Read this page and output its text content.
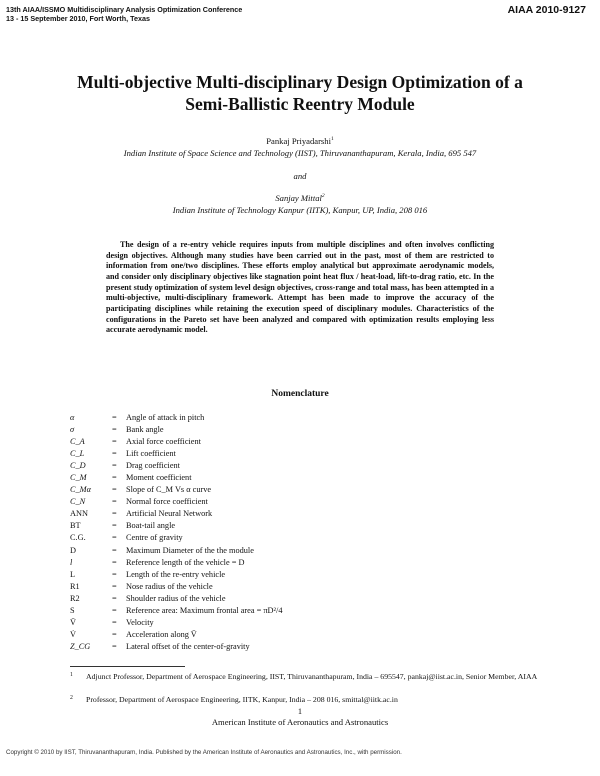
13th AIAA/ISSMO Multidisciplinary Analysis Optimization Conference
13 - 15 September 2010, Fort Worth, Texas
AIAA 2010-9127
Multi-objective Multi-disciplinary Design Optimization of a
Semi-Ballistic Reentry Module
Pankaj Priyadarshi$^1$
Indian Institute of Space Science and Technology (IIST), Thiruvananthapuram, Kerala, India, 695 547
and
Sanjay Mittal$^2$
Indian Institute of Technology Kanpur (IITK), Kanpur, UP, India, 208 016
The design of a re-entry vehicle requires inputs from multiple disciplines and often involves conflicting design objectives. Although many studies have been carried out in the past, most of them are restricted to information from one/two disciplines. These efforts employ analytical but approximate aerodynamic models, and consider only disciplinary objectives like stagnation point heat flux / heat-load, lift-to-drag ratio, etc. In the present study optimization of system level design objectives, cross-range and total mass, has been attempted in a multi-objective, multi-disciplinary framework. Attempt has been made to improve the accuracy of the participating disciplines while retaining the execution speed of disciplinary modules. Characteristics of the configurations in the Pareto set have been analyzed and compared with optimization results employing less accurate aerodynamic model.
Nomenclature
α	= Angle of attack in pitch
σ	= Bank angle
C_A	= Axial force coefficient
C_L	= Lift coefficient
C_D	= Drag coefficient
C_M	= Moment coefficient
C_Mα	= Slope of C_M Vs α curve
C_N	= Normal force coefficient
ANN	= Artificial Neural Network
BT	= Boat-tail angle
C.G.	= Centre of gravity
D	= Maximum Diameter of the the module
l	= Reference length of the vehicle = D
L	= Length of the re-entry vehicle
R1	= Nose radius of the vehicle
R2	= Shoulder radius of the vehicle
S	= Reference area: Maximum frontal area = πD²/4
V̄	= Velocity
V̇	= Acceleration along V̄
Z_CG	= Lateral offset of the center-of-gravity
1	Adjunct Professor, Department of Aerospace Engineering, IIST, Thiruvananthapuram, India – 695547, pankaj@iist.ac.in, Senior Member, AIAA
2	Professor, Department of Aerospace Engineering, IITK, Kanpur, India – 208 016, smittal@iitk.ac.in
1
American Institute of Aeronautics and Astronautics
Copyright © 2010 by IIST, Thiruvananthapuram, India. Published by the American Institute of Aeronautics and Astronautics, Inc., with permission.
